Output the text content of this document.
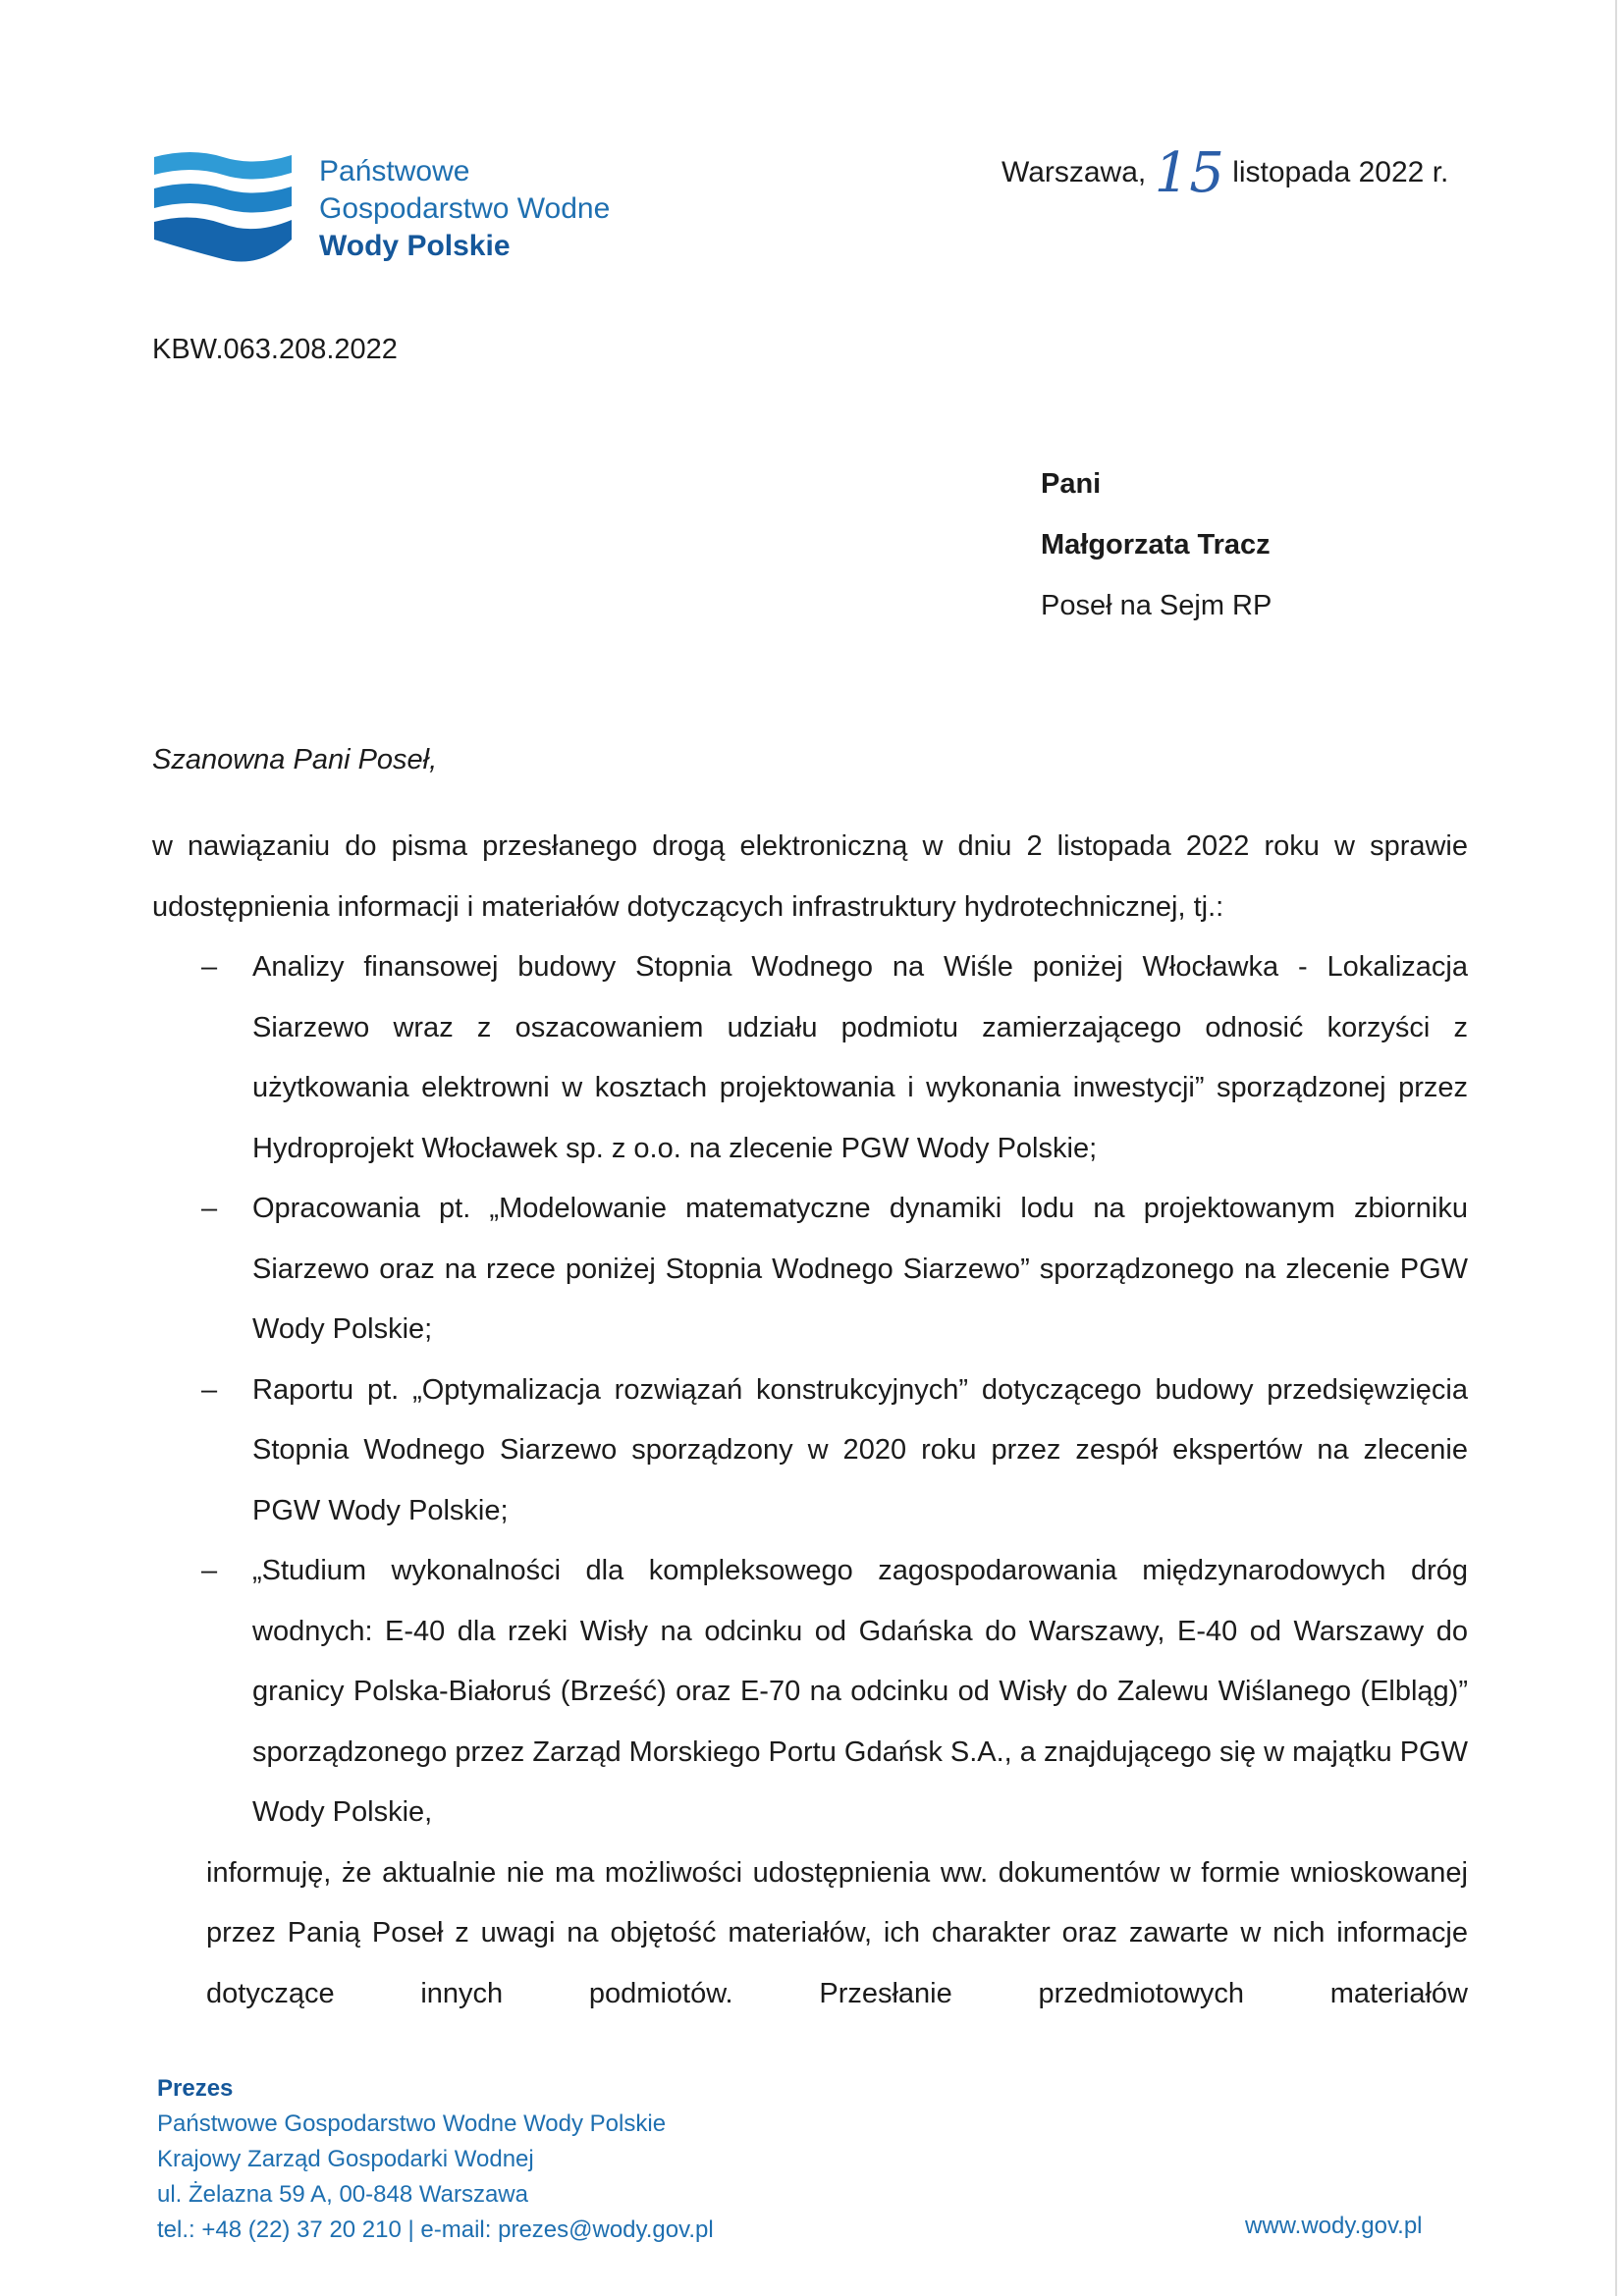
Państwowe
Gospodarstwo Wodne
Wody Polskie
Warszawa, 15 listopada 2022 r.
KBW.063.208.2022
Pani
Małgorzata Tracz
Poseł na Sejm RP
Szanowna Pani Poseł,

w nawiązaniu do pisma przesłanego drogą elektroniczną w dniu 2 listopada 2022 roku w sprawie udostępnienia informacji i materiałów dotyczących infrastruktury hydrotechnicznej, tj.:

– Analizy finansowej budowy Stopnia Wodnego na Wiśle poniżej Włocławka - Lokalizacja Siarzewo wraz z oszacowaniem udziału podmiotu zamierzającego odnosić korzyści z użytkowania elektrowni w kosztach projektowania i wykonania inwestycji” sporządzonej przez Hydroprojekt Włocławek sp. z o.o. na zlecenie PGW Wody Polskie;
– Opracowania pt. „Modelowanie matematyczne dynamiki lodu na projektowanym zbiorniku Siarzewo oraz na rzece poniżej Stopnia Wodnego Siarzewo” sporządzonego na zlecenie PGW Wody Polskie;
– Raportu pt. „Optymalizacja rozwiązań konstrukcyjnych” dotyczącego budowy przedsięwzięcia Stopnia Wodnego Siarzewo sporządzony w 2020 roku przez zespół ekspertów na zlecenie PGW Wody Polskie;
– „Studium wykonalności dla kompleksowego zagospodarowania międzynarodowych dróg wodnych: E-40 dla rzeki Wisły na odcinku od Gdańska do Warszawy, E-40 od Warszawy do granicy Polska-Białoruś (Brześć) oraz E-70 na odcinku od Wisły do Zalewu Wiślanego (Elbląg)” sporządzonego przez Zarząd Morskiego Portu Gdańsk S.A., a znajdującego się w majątku PGW Wody Polskie,

informuję, że aktualnie nie ma możliwości udostępnienia ww. dokumentów w formie wnioskowanej przez Panią Poseł z uwagi na objętość materiałów, ich charakter oraz zawarte w nich informacje dotyczące innych podmiotów. Przesłanie przedmiotowych materiałów

Prezes
Państwowe Gospodarstwo Wodne Wody Polskie
Krajowy Zarząd Gospodarki Wodnej
ul. Żelazna 59 A, 00-848 Warszawa
tel.: +48 (22) 37 20 210 | e-mail: prezes@wody.gov.pl	www.wody.gov.pl
